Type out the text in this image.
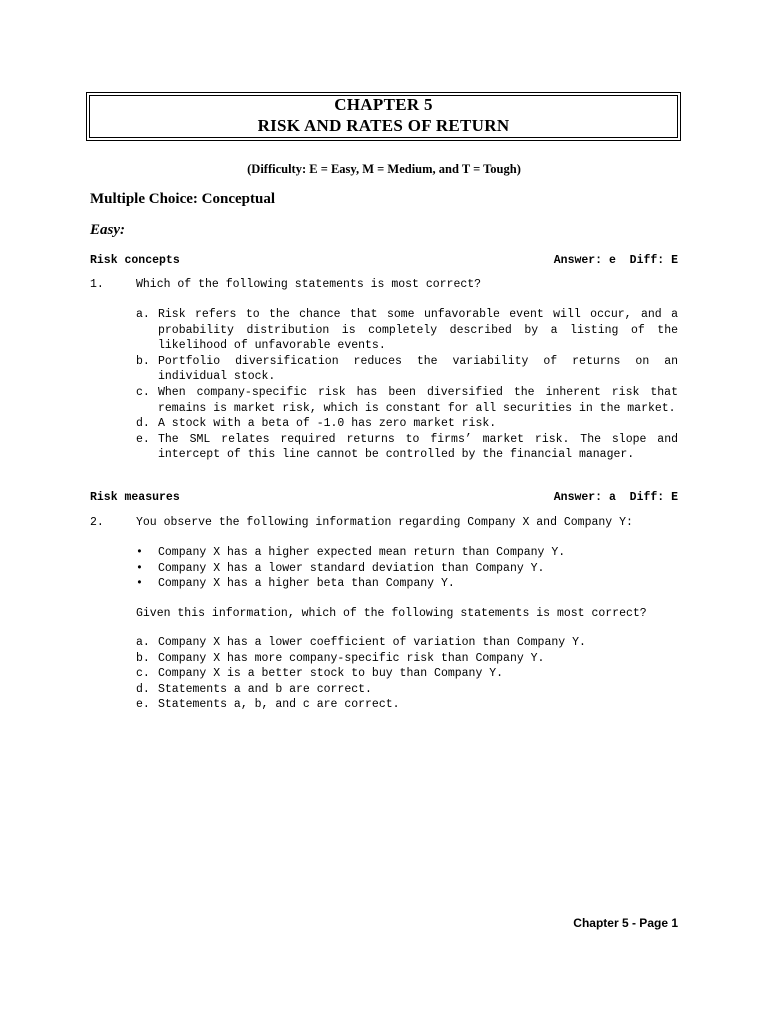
CHAPTER 5
RISK AND RATES OF RETURN
(Difficulty: E = Easy, M = Medium, and T = Tough)
Multiple Choice: Conceptual
Easy:
Risk concepts	Answer: e  Diff: E
1.	Which of the following statements is most correct?
a. Risk refers to the chance that some unfavorable event will occur, and a probability distribution is completely described by a listing of the likelihood of unfavorable events.
b. Portfolio diversification reduces the variability of returns on an individual stock.
c. When company-specific risk has been diversified the inherent risk that remains is market risk, which is constant for all securities in the market.
d. A stock with a beta of -1.0 has zero market risk.
e. The SML relates required returns to firms’ market risk. The slope and intercept of this line cannot be controlled by the financial manager.
Risk measures	Answer: a  Diff: E
2.	You observe the following information regarding Company X and Company Y:
•	Company X has a higher expected mean return than Company Y.
•	Company X has a lower standard deviation than Company Y.
•	Company X has a higher beta than Company Y.
Given this information, which of the following statements is most correct?
a. Company X has a lower coefficient of variation than Company Y.
b. Company X has more company-specific risk than Company Y.
c. Company X is a better stock to buy than Company Y.
d. Statements a and b are correct.
e. Statements a, b, and c are correct.
Chapter 5 - Page 1
